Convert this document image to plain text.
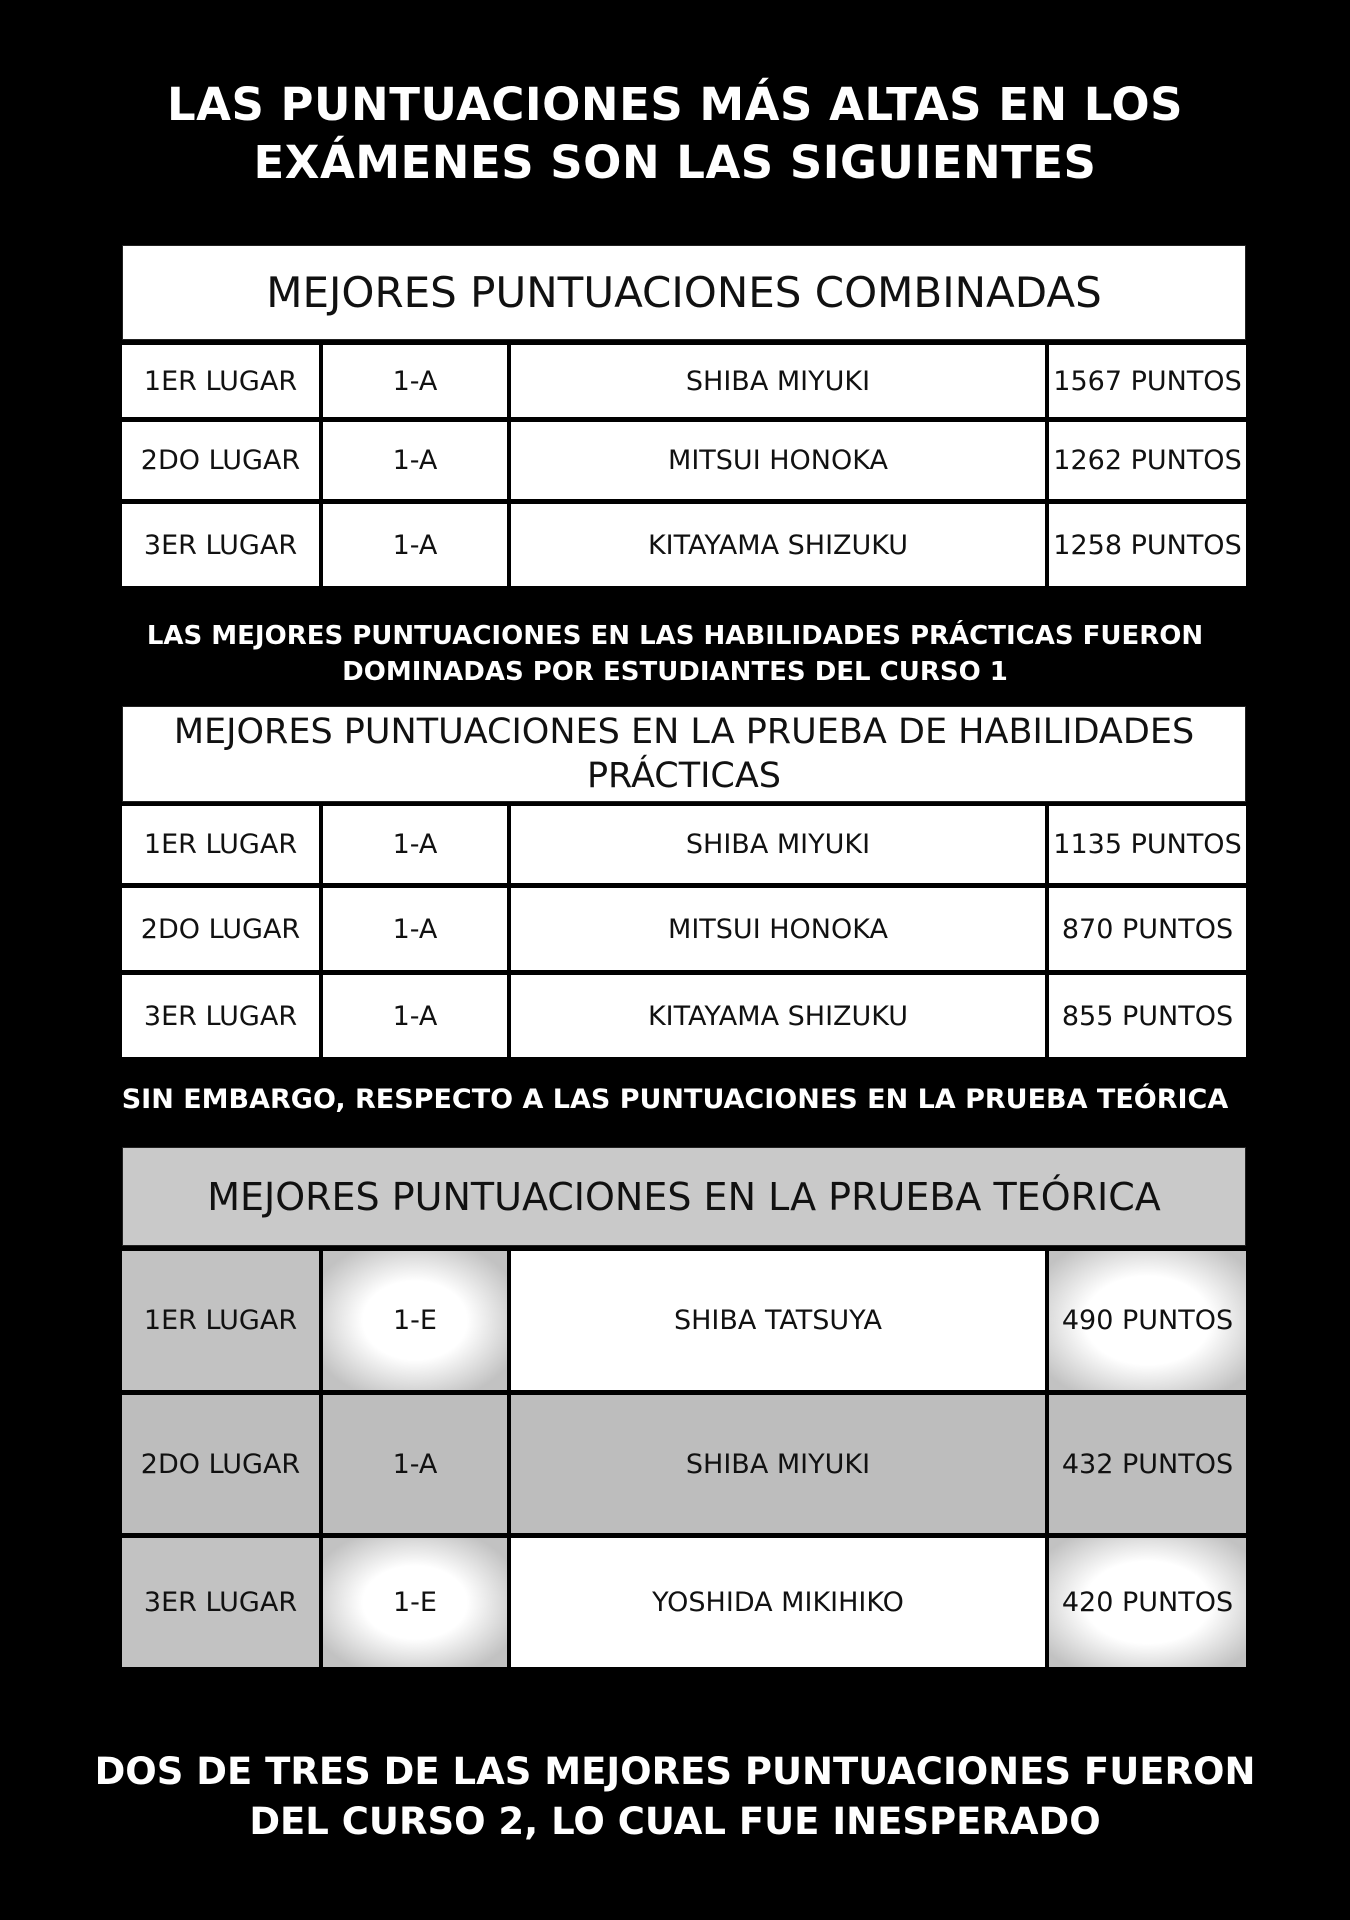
LAS PUNTUACIONES MÁS ALTAS EN LOS
EXÁMENES SON LAS SIGUIENTES
MEJORES PUNTUACIONES COMBINADAS
1ER LUGAR	1-A	SHIBA MIYUKI	1567 PUNTOS
2DO LUGAR	1-A	MITSUI HONOKA	1262 PUNTOS
3ER LUGAR	1-A	KITAYAMA SHIZUKU	1258 PUNTOS
LAS MEJORES PUNTUACIONES EN LAS HABILIDADES PRÁCTICAS FUERON
DOMINADAS POR ESTUDIANTES DEL CURSO 1
MEJORES PUNTUACIONES EN LA PRUEBA DE HABILIDADES
PRÁCTICAS
1ER LUGAR	1-A	SHIBA MIYUKI	1135 PUNTOS
2DO LUGAR	1-A	MITSUI HONOKA	870 PUNTOS
3ER LUGAR	1-A	KITAYAMA SHIZUKU	855 PUNTOS
SIN EMBARGO, RESPECTO A LAS PUNTUACIONES EN LA PRUEBA TEÓRICA
MEJORES PUNTUACIONES EN LA PRUEBA TEÓRICA
1ER LUGAR	1-E	SHIBA TATSUYA	490 PUNTOS
2DO LUGAR	1-A	SHIBA MIYUKI	432 PUNTOS
3ER LUGAR	1-E	YOSHIDA MIKIHIKO	420 PUNTOS
DOS DE TRES DE LAS MEJORES PUNTUACIONES FUERON
DEL CURSO 2, LO CUAL FUE INESPERADO
